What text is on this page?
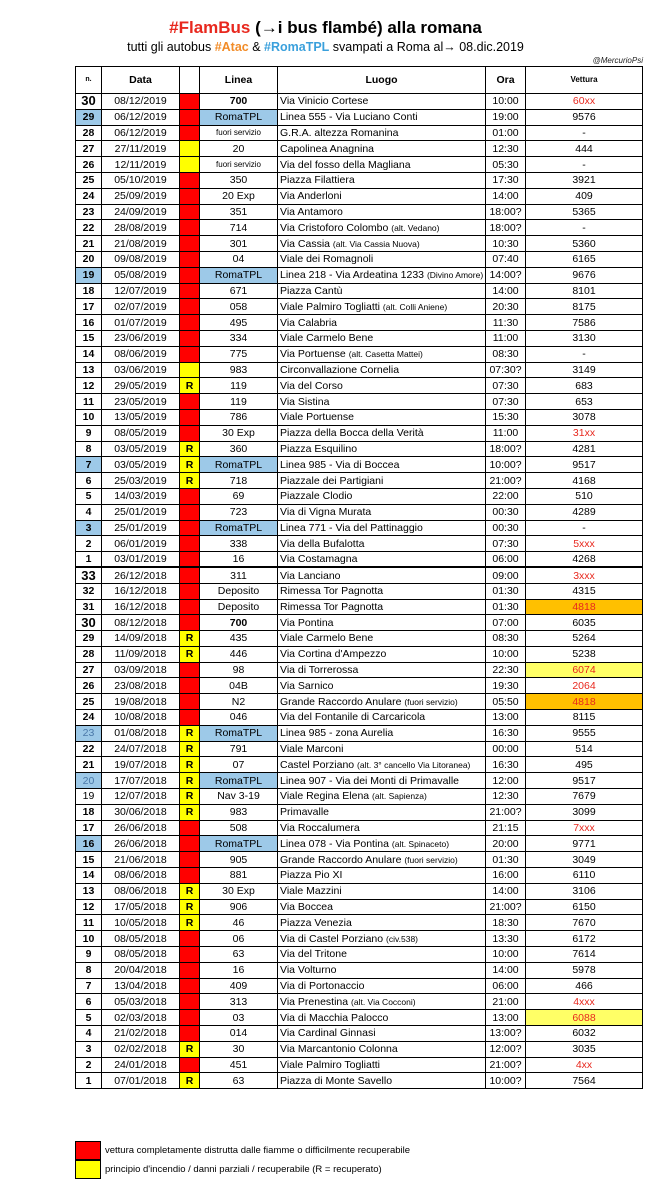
#FlamBus (→i bus flambé) alla romana
tutti gli autobus #Atac & #RomaTPL svampati a Roma al→ 08.dic.2019
@MercurioPsi
n.	Data		Linea	Luogo	Ora	Vettura
30	08/12/2019		700	Via Vinicio Cortese	10:00	60xx
29	06/12/2019		RomaTPL	Linea 555 - Via Luciano Conti	19:00	9576
28	06/12/2019		fuori servizio	G.R.A. altezza Romanina	01:00	-
27	27/11/2019		20	Capolinea Anagnina	12:30	444
26	12/11/2019		fuori servizio	Via del fosso della Magliana	05:30	-
25	05/10/2019		350	Piazza Filattiera	17:30	3921
24	25/09/2019		20 Exp	Via Anderloni	14:00	409
23	24/09/2019		351	Via Antamoro	18:00?	5365
22	28/08/2019		714	Via Cristoforo Colombo (alt. Vedano)	18:00?	-
21	21/08/2019		301	Via Cassia (alt. Via Cassia Nuova)	10:30	5360
20	09/08/2019		04	Viale dei Romagnoli	07:40	6165
19	05/08/2019		RomaTPL	Linea 218 - Via Ardeatina 1233 (Divino Amore)	14:00?	9676
18	12/07/2019		671	Piazza Cantù	14:00	8101
17	02/07/2019		058	Viale Palmiro Togliatti (alt. Colli Aniene)	20:30	8175
16	01/07/2019		495	Via Calabria	11:30	7586
15	23/06/2019		334	Viale Carmelo Bene	11:00	3130
14	08/06/2019		775	Via Portuense (alt. Casetta Mattei)	08:30	-
13	03/06/2019		983	Circonvallazione Cornelia	07:30?	3149
12	29/05/2019	R	119	Via del Corso	07:30	683
11	23/05/2019		119	Via Sistina	07:30	653
10	13/05/2019		786	Viale Portuense	15:30	3078
9	08/05/2019		30 Exp	Piazza della Bocca della Verità	11:00	31xx
8	03/05/2019	R	360	Piazza Esquilino	18:00?	4281
7	03/05/2019	R	RomaTPL	Linea 985 - Via di Boccea	10:00?	9517
6	25/03/2019	R	718	Piazzale dei Partigiani	21:00?	4168
5	14/03/2019		69	Piazzale Clodio	22:00	510
4	25/01/2019		723	Via di Vigna Murata	00:30	4289
3	25/01/2019		RomaTPL	Linea 771 - Via del Pattinaggio	00:30	-
2	06/01/2019		338	Via della Bufalotta	07:30	5xxx
1	03/01/2019		16	Via Costamagna	06:00	4268
33	26/12/2018		311	Via Lanciano	09:00	3xxx
32	16/12/2018		Deposito	Rimessa Tor Pagnotta	01:30	4315
31	16/12/2018		Deposito	Rimessa Tor Pagnotta	01:30	4818
30	08/12/2018		700	Via Pontina	07:00	6035
29	14/09/2018	R	435	Viale Carmelo Bene	08:30	5264
28	11/09/2018	R	446	Via Cortina d'Ampezzo	10:00	5238
27	03/09/2018		98	Via di Torrerossa	22:30	6074
26	23/08/2018		04B	Via Sarnico	19:30	2064
25	19/08/2018		N2	Grande Raccordo Anulare (fuori servizio)	05:50	4818
24	10/08/2018		046	Via del Fontanile di Carcaricola	13:00	8115
23	01/08/2018	R	RomaTPL	Linea 985 - zona Aurelia	16:30	9555
22	24/07/2018	R	791	Viale Marconi	00:00	514
21	19/07/2018	R	07	Castel Porziano (alt. 3° cancello Via Litoranea)	16:30	495
20	17/07/2018	R	RomaTPL	Linea 907 - Via dei Monti di Primavalle	12:00	9517
19	12/07/2018	R	Nav 3-19	Viale Regina Elena (alt. Sapienza)	12:30	7679
18	30/06/2018	R	983	Primavalle	21:00?	3099
17	26/06/2018		508	Via Roccalumera	21:15	7xxx
16	26/06/2018		RomaTPL	Linea 078 - Via Pontina (alt. Spinaceto)	20:00	9771
15	21/06/2018		905	Grande Raccordo Anulare (fuori servizio)	01:30	3049
14	08/06/2018		881	Piazza Pio XI	16:00	6110
13	08/06/2018	R	30 Exp	Viale Mazzini	14:00	3106
12	17/05/2018	R	906	Via Boccea	21:00?	6150
11	10/05/2018	R	46	Piazza Venezia	18:30	7670
10	08/05/2018		06	Via di Castel Porziano (civ.538)	13:30	6172
9	08/05/2018		63	Via del Tritone	10:00	7614
8	20/04/2018		16	Via Volturno	14:00	5978
7	13/04/2018		409	Via di Portonaccio	06:00	466
6	05/03/2018		313	Via Prenestina (alt. Via Cocconi)	21:00	4xxx
5	02/03/2018		03	Via di Macchia Palocco	13:00	6088
4	21/02/2018		014	Via Cardinal Ginnasi	13:00?	6032
3	02/02/2018	R	30	Via Marcantonio Colonna	12:00?	3035
2	24/01/2018		451	Viale Palmiro Togliatti	21:00?	4xx
1	07/01/2018	R	63	Piazza di Monte Savello	10:00?	7564
vettura completamente distrutta dalle fiamme o difficilmente recuperabile
principio d'incendio / danni parziali / recuperabile (R = recuperato)
